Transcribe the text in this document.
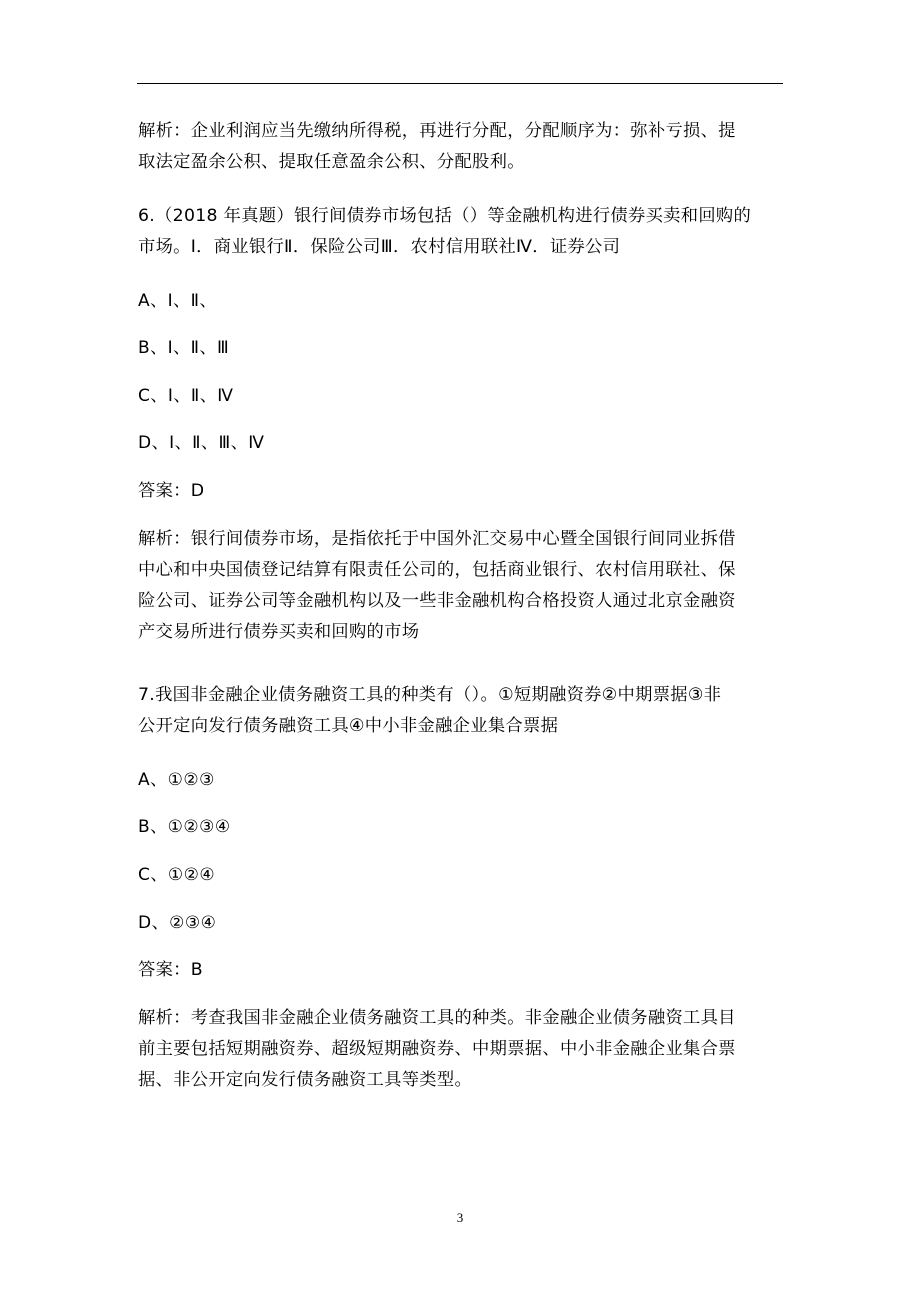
解析：企业利润应当先缴纳所得税，再进行分配，分配顺序为：弥补亏损、提
取法定盈余公积、提取任意盈余公积、分配股利。
6.（2018 年真题）银行间债券市场包括（）等金融机构进行债券买卖和回购的
市场。Ⅰ．商业银行Ⅱ．保险公司Ⅲ．农村信用联社Ⅳ．证券公司
A、Ⅰ、Ⅱ、
B、Ⅰ、Ⅱ、Ⅲ
C、Ⅰ、Ⅱ、Ⅳ
D、Ⅰ、Ⅱ、Ⅲ、Ⅳ
答案：D
解析：银行间债券市场，是指依托于中国外汇交易中心暨全国银行间同业拆借
中心和中央国债登记结算有限责任公司的，包括商业银行、农村信用联社、保
险公司、证券公司等金融机构以及一些非金融机构合格投资人通过北京金融资
产交易所进行债券买卖和回购的市场
7.我国非金融企业债务融资工具的种类有（）。①短期融资券②中期票据③非
公开定向发行债务融资工具④中小非金融企业集合票据
A、①②③
B、①②③④
C、①②④
D、②③④
答案：B
解析：考查我国非金融企业债务融资工具的种类。非金融企业债务融资工具目
前主要包括短期融资券、超级短期融资券、中期票据、中小非金融企业集合票
据、非公开定向发行债务融资工具等类型。
3
